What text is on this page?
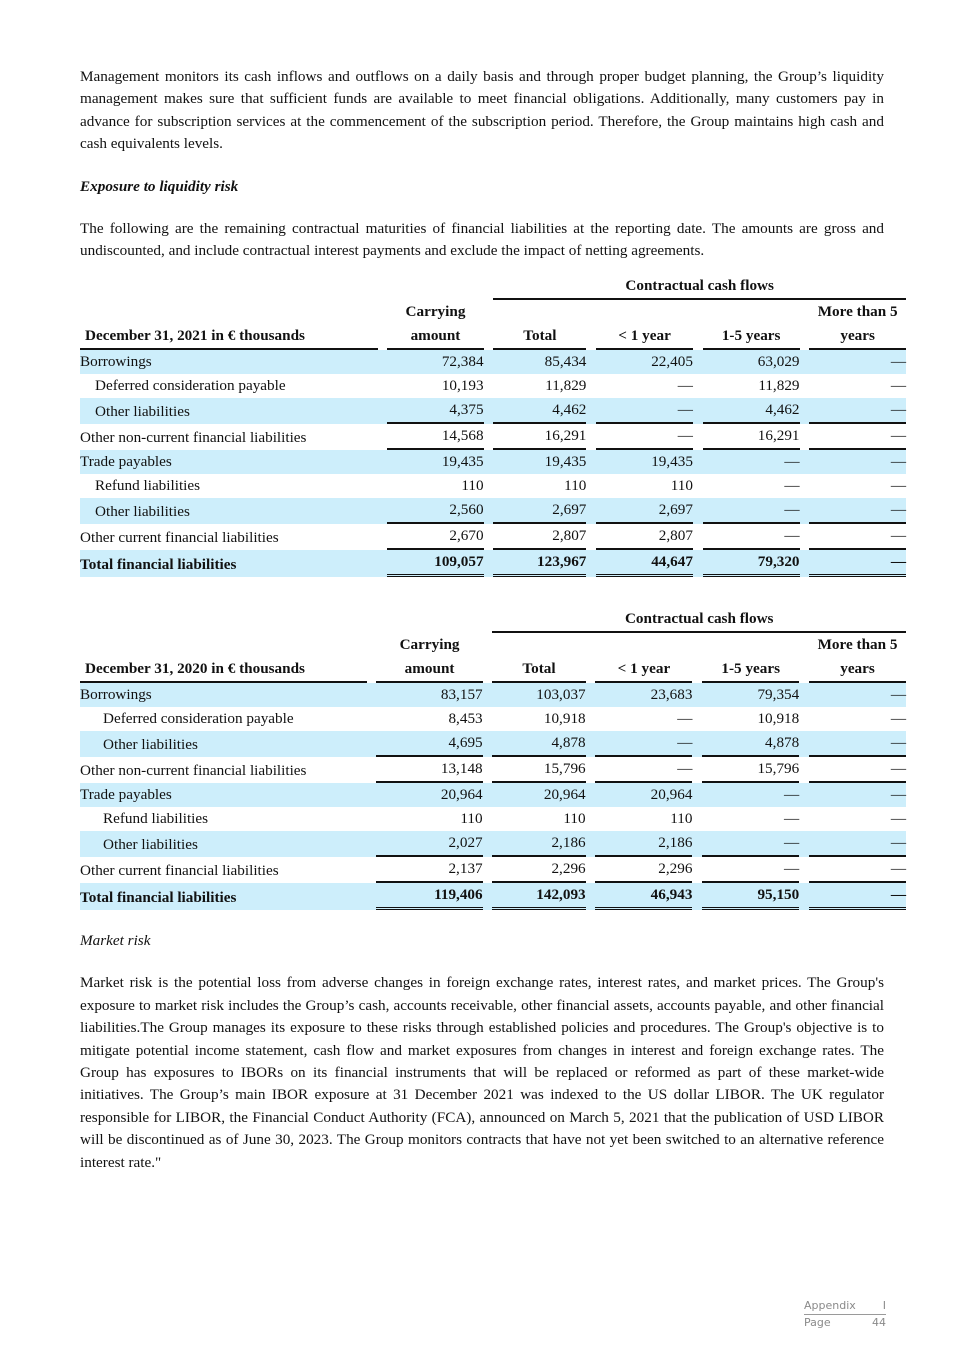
Management monitors its cash inflows and outflows on a daily basis and through proper budget planning, the Group’s liquidity management makes sure that sufficient funds are available to meet financial obligations. Additionally, many customers pay in advance for subscription services at the commencement of the subscription period. Therefore, the Group maintains high cash and cash equivalents levels.

Exposure to liquidity risk

The following are the remaining contractual maturities of financial liabilities at the reporting date. The amounts are gross and undiscounted, and include contractual interest payments and exclude the impact of netting agreements.

				Contractual cash flows						
December 31, 2021 in € thousands		Carrying
amount		Total		< 1 year		1-5 years		More than 5
years
Borrowings		72,384		85,434		22,405		63,029		—
Deferred consideration payable		10,193		11,829		—		11,829		—
Other liabilities		4,375		4,462		—		4,462		—
Other non-current financial liabilities		14,568		16,291		—		16,291		—
Trade payables		19,435		19,435		19,435		—		—
Refund liabilities		110		110		110		—		—
Other liabilities		2,560		2,697		2,697		—		—
Other current financial liabilities		2,670		2,807		2,807		—		—
Total financial liabilities		109,057		123,967		44,647		79,320		—
				Contractual cash flows						
December 31, 2020 in € thousands		Carrying
amount		Total		< 1 year		1-5 years		More than 5
years
Borrowings		83,157		103,037		23,683		79,354		—
Deferred consideration payable		8,453		10,918		—		10,918		—
Other liabilities		4,695		4,878		—		4,878		—
Other non-current financial liabilities		13,148		15,796		—		15,796		—
Trade payables		20,964		20,964		20,964		—		—
Refund liabilities		110		110		110		—		—
Other liabilities		2,027		2,186		2,186		—		—
Other current financial liabilities		2,137		2,296		2,296		—		—
Total financial liabilities		119,406		142,093		46,943		95,150		—

Market risk

Market risk is the potential loss from adverse changes in foreign exchange rates, interest rates, and market prices. The Group's exposure to market risk includes the Group’s cash, accounts receivable, other financial assets, accounts payable, and other financial liabilities.The Group manages its exposure to these risks through established policies and procedures. The Group's objective is to mitigate potential income statement, cash flow and market exposures from changes in interest and foreign exchange rates. The Group has exposures to IBORs on its financial instruments that will be replaced or reformed as part of these market-wide initiatives. The Group’s main IBOR exposure at 31 December 2021 was indexed to the US dollar LIBOR. The UK regulator responsible for LIBOR, the Financial Conduct Authority (FCA), announced on March 5, 2021 that the publication of USD LIBOR will be discontinued as of June 30, 2023. The Group monitors contracts that have not yet been switched to an alternative reference interest rate."

Appendix I
Page	44
